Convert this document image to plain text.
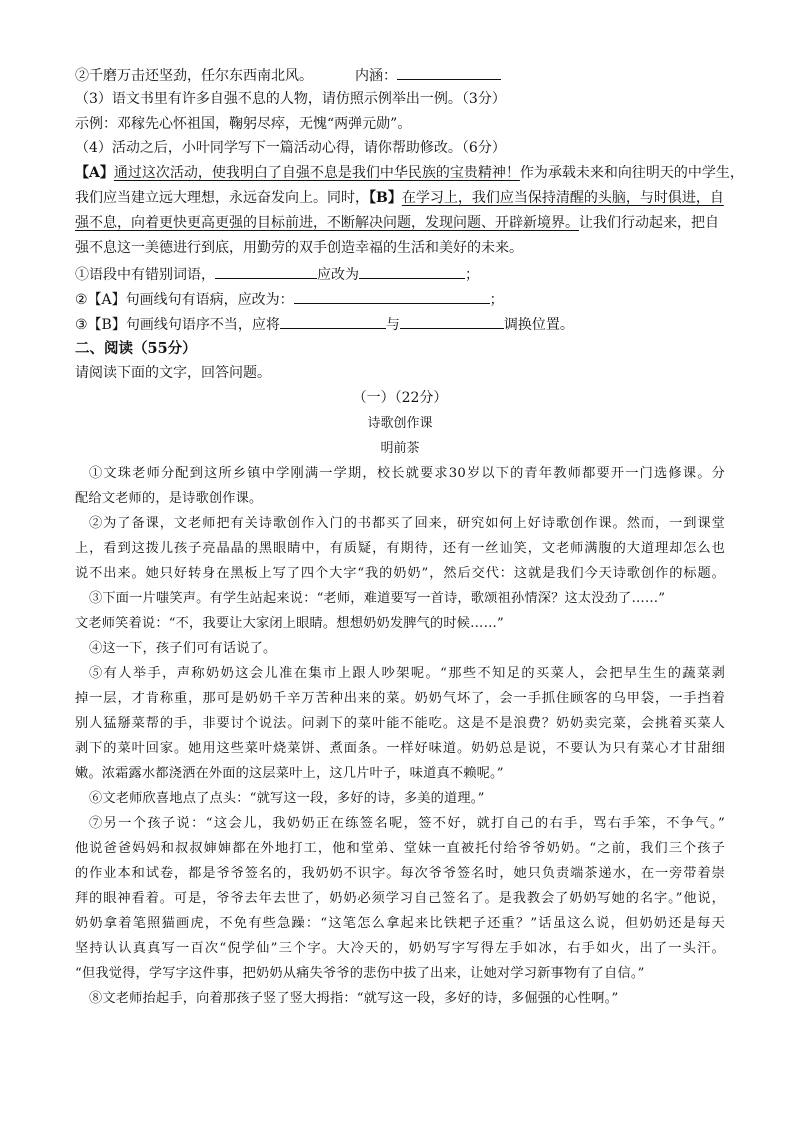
②千磨万击还坚劲，任尔东西南北风。	内涵：
（3）语文书里有许多自强不息的人物，请仿照示例举出一例。（3分）
示例：邓稼先心怀祖国，鞠躬尽瘁，无愧“两弹元勋”。
（4）活动之后，小叶同学写下一篇活动心得，请你帮助修改。（6分）
【A】通过这次活动，使我明白了自强不息是我们中华民族的宝贵精神！作为承载未来和向往明天的中学生，
我们应当建立远大理想，永远奋发向上。同时，【B】在学习上，我们应当保持清醒的头脑，与时俱进，自
强不息，向着更快更高更强的目标前进，不断解决问题，发现问题、开辟新境界。让我们行动起来，把自
强不息这一美德进行到底，用勤劳的双手创造幸福的生活和美好的未来。
①语段中有错别词语，	应改为	；
②【A】句画线句有语病，应改为：	；
③【B】句画线句语序不当，应将	与	调换位置。
二、阅读（55分）
请阅读下面的文字，回答问题。
（一）（22分）
诗歌创作课
明前茶
①文珠老师分配到这所乡镇中学刚满一学期，校长就要求30岁以下的青年教师都要开一门选修课。分
配给文老师的，是诗歌创作课。
②为了备课，文老师把有关诗歌创作入门的书都买了回来，研究如何上好诗歌创作课。然而，一到课堂
上，看到这拨儿孩子亮晶晶的黑眼睛中，有质疑，有期待，还有一丝讪笑，文老师满腹的大道理却怎么也
说不出来。她只好转身在黑板上写了四个大字“我的奶奶”，然后交代：这就是我们今天诗歌创作的标题。
③下面一片嗤笑声。有学生站起来说：“老师，难道要写一首诗，歌颂祖孙情深？这太没劲了……”
文老师笑着说：“不，我要让大家闭上眼睛。想想奶奶发脾气的时候……”
④这一下，孩子们可有话说了。
⑤有人举手，声称奶奶这会儿准在集市上跟人吵架呢。“那些不知足的买菜人，会把早生生的蔬菜剥
掉一层，才肯称重，那可是奶奶千辛万苦种出来的菜。奶奶气坏了，会一手抓住顾客的乌甲袋，一手挡着
别人猛掰菜帮的手，非要讨个说法。问剥下的菜叶能不能吃。这是不是浪费？奶奶卖完菜，会挑着买菜人
剥下的菜叶回家。她用这些菜叶烧菜饼、煮面条。一样好味道。奶奶总是说，不要认为只有菜心才甘甜细
嫩。浓霜露水都浇洒在外面的这层菜叶上，这几片叶子，味道真不赖呢。”
⑥文老师欣喜地点了点头：“就写这一段，多好的诗，多美的道理。”
⑦另一个孩子说：“这会儿，我奶奶正在练签名呢，签不好，就打自己的右手，骂右手笨，不争气。”
他说爸爸妈妈和叔叔婶婶都在外地打工，他和堂弟、堂妹一直被托付给爷爷奶奶。“之前，我们三个孩子
的作业本和试卷，都是爷爷签名的，我奶奶不识字。每次爷爷签名时，她只负责端茶递水，在一旁带着崇
拜的眼神看着。可是，爷爷去年去世了，奶奶必须学习自己签名了。是我教会了奶奶写她的名字。”他说，
奶奶拿着笔照猫画虎，不免有些急躁：“这笔怎么拿起来比铁耙子还重？”话虽这么说，但奶奶还是每天
坚持认认真真写一百次“倪学仙”三个字。大冷天的，奶奶写字写得左手如冰，右手如火，出了一头汗。
“但我觉得，学写字这件事，把奶奶从痛失爷爷的悲伤中拔了出来，让她对学习新事物有了自信。”
⑧文老师抬起手，向着那孩子竖了竖大拇指：“就写这一段，多好的诗，多倔强的心性啊。”
